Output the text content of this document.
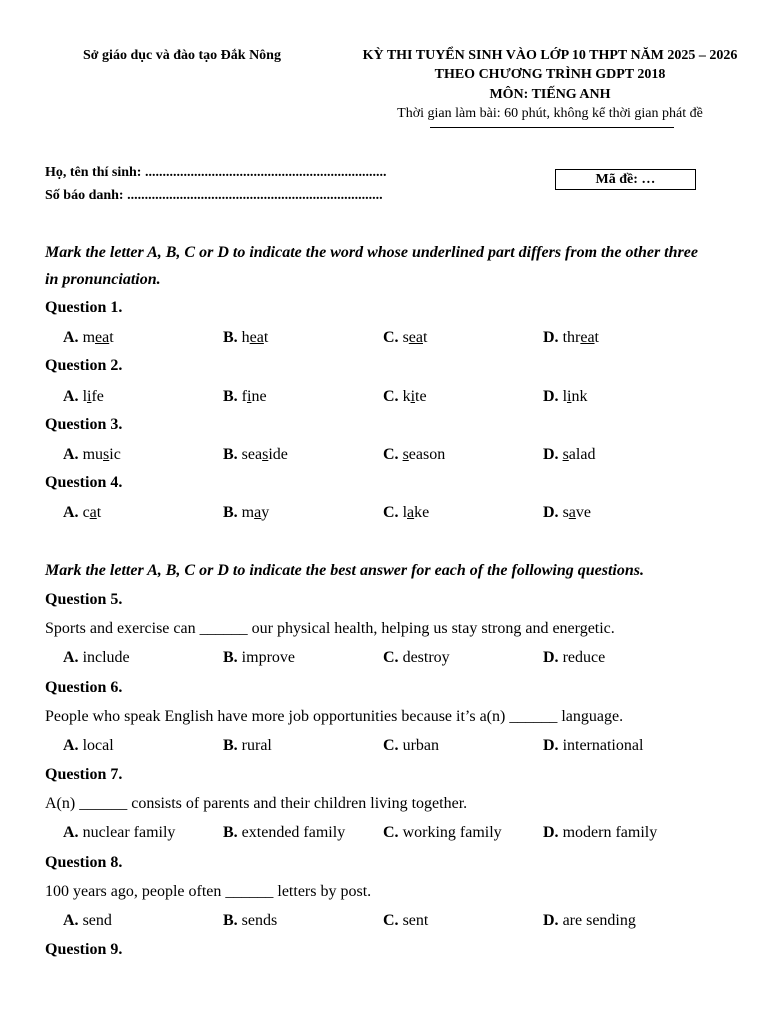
Sở giáo dục và đào tạo Đắk Nông	KỲ THI TUYỂN SINH VÀO LỚP 10 THPT NĂM 2025 – 2026
THEO CHƯƠNG TRÌNH GDPT 2018
MÔN: TIẾNG ANH
Thời gian làm bài: 60 phút, không kể thời gian phát đề
Họ, tên thí sinh: .....................................................................
Số báo danh: .........................................................................
Mã đề: …
Mark the letter A, B, C or D to indicate the word whose underlined part differs from the other three
in pronunciation.
Question 1.
A. meat	B. heat	C. seat	D. threat
Question 2.
A. life	B. fine	C. kite	D. link
Question 3.
A. music	B. seaside	C. season	D. salad
Question 4.
A. cat	B. may	C. lake	D. save
Mark the letter A, B, C or D to indicate the best answer for each of the following questions.
Question 5.
Sports and exercise can ______ our physical health, helping us stay strong and energetic.
A. include	B. improve	C. destroy	D. reduce
Question 6.
People who speak English have more job opportunities because it’s a(n) ______ language.
A. local	B. rural	C. urban	D. international
Question 7.
A(n) ______ consists of parents and their children living together.
A. nuclear family	B. extended family C. working family	D. modern family
Question 8.
100 years ago, people often ______ letters by post.
A. send	B. sends	C. sent	D. are sending
Question 9.
